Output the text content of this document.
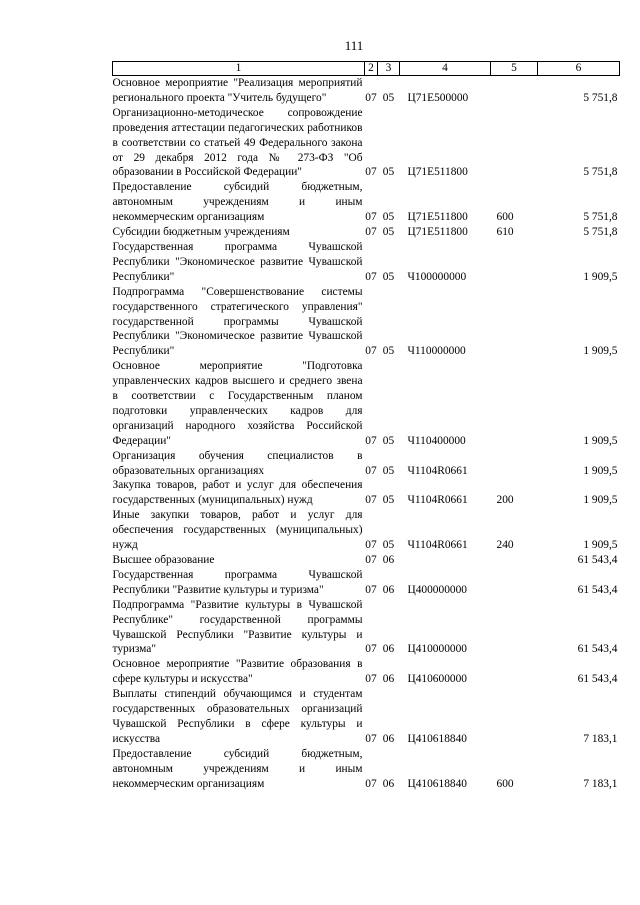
111
1	2	3	4	5	6
Основное мероприятие "Реализация мероприятий регионального проекта "Учитель будущего"	07	05	Ц71Е500000		5 751,8
Организационно-методическое сопровождение проведения аттестации педагогических работников в соответствии со статьей 49 Федерального закона от 29 декабря 2012 года № 273-ФЗ "Об образовании в Российской Федерации"	07	05	Ц71Е511800		5 751,8
Предоставление субсидий бюджетным, автономным учреждениям и иным некоммерческим организациям	07	05	Ц71Е511800	600	5 751,8
Субсидии бюджетным учреждениям	07	05	Ц71Е511800	610	5 751,8
Государственная программа Чувашской Республики "Экономическое развитие Чувашской Республики"	07	05	Ч100000000		1 909,5
Подпрограмма "Совершенствование системы государственного стратегического управления" государственной программы Чувашской Республики "Экономическое развитие Чувашской Республики"	07	05	Ч110000000		1 909,5
Основное мероприятие "Подготовка управленческих кадров высшего и среднего звена в соответствии с Государственным планом подготовки управленческих кадров для организаций народного хозяйства Российской Федерации"	07	05	Ч110400000		1 909,5
Организация обучения специалистов в образовательных организациях	07	05	Ч1104R0661		1 909,5
Закупка товаров, работ и услуг для обеспечения государственных (муниципальных) нужд	07	05	Ч1104R0661	200	1 909,5
Иные закупки товаров, работ и услуг для обеспечения государственных (муниципальных) нужд	07	05	Ч1104R0661	240	1 909,5
Высшее образование	07	06			61 543,4
Государственная программа Чувашской Республики "Развитие культуры и туризма"	07	06	Ц400000000		61 543,4
Подпрограмма "Развитие культуры в Чувашской Республике" государственной программы Чувашской Республики "Развитие культуры и туризма"	07	06	Ц410000000		61 543,4
Основное мероприятие "Развитие образования в сфере культуры и искусства"	07	06	Ц410600000		61 543,4
Выплаты стипендий обучающимся и студентам государственных образовательных организаций Чувашской Республики в сфере культуры и искусства	07	06	Ц410618840		7 183,1
Предоставление субсидий бюджетным, автономным учреждениям и иным некоммерческим организациям	07	06	Ц410618840	600	7 183,1
